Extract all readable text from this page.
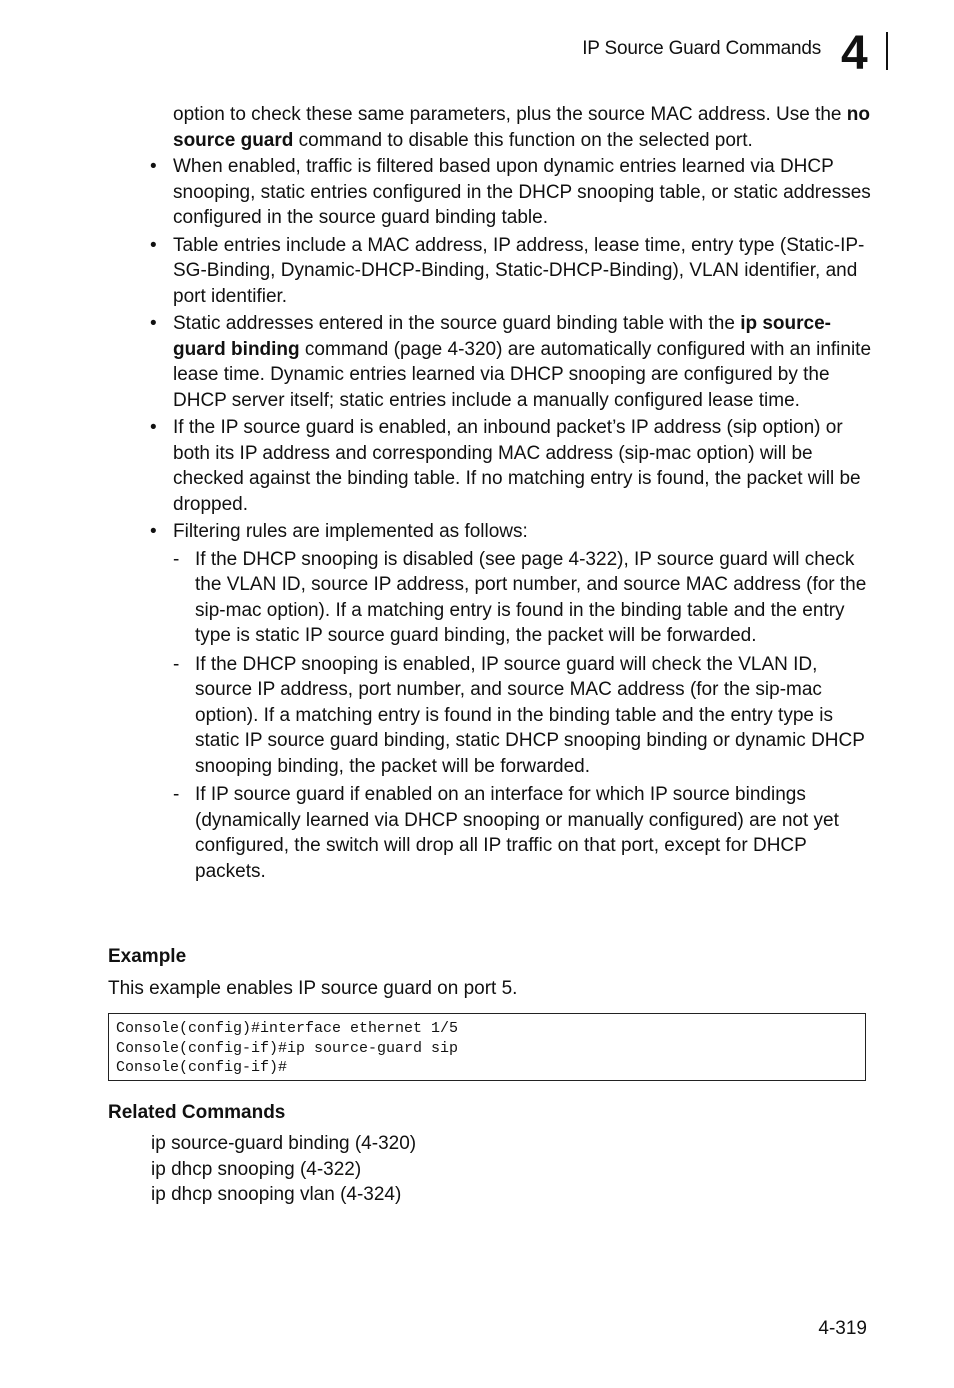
IP Source Guard Commands 4

option to check these same parameters, plus the source MAC address. Use the no source guard command to disable this function on the selected port.

• When enabled, traffic is filtered based upon dynamic entries learned via DHCP snooping, static entries configured in the DHCP snooping table, or static addresses configured in the source guard binding table.
• Table entries include a MAC address, IP address, lease time, entry type (Static-IP-SG-Binding, Dynamic-DHCP-Binding, Static-DHCP-Binding), VLAN identifier, and port identifier.
• Static addresses entered in the source guard binding table with the ip source-guard binding command (page 4-320) are automatically configured with an infinite lease time. Dynamic entries learned via DHCP snooping are configured by the DHCP server itself; static entries include a manually configured lease time.
• If the IP source guard is enabled, an inbound packet’s IP address (sip option) or both its IP address and corresponding MAC address (sip-mac option) will be checked against the binding table. If no matching entry is found, the packet will be dropped.
• Filtering rules are implemented as follows:
- If the DHCP snooping is disabled (see page 4-322), IP source guard will check the VLAN ID, source IP address, port number, and source MAC address (for the sip-mac option). If a matching entry is found in the binding table and the entry type is static IP source guard binding, the packet will be forwarded.
- If the DHCP snooping is enabled, IP source guard will check the VLAN ID, source IP address, port number, and source MAC address (for the sip-mac option). If a matching entry is found in the binding table and the entry type is static IP source guard binding, static DHCP snooping binding or dynamic DHCP snooping binding, the packet will be forwarded.
- If IP source guard if enabled on an interface for which IP source bindings (dynamically learned via DHCP snooping or manually configured) are not yet configured, the switch will drop all IP traffic on that port, except for DHCP packets.
Example

This example enables IP source guard on port 5.

Console(config)#interface ethernet 1/5
Console(config-if)#ip source-guard sip
Console(config-if)#
Related Commands

ip source-guard binding (4-320)

ip dhcp snooping (4-322)

ip dhcp snooping vlan (4-324)

4-319
